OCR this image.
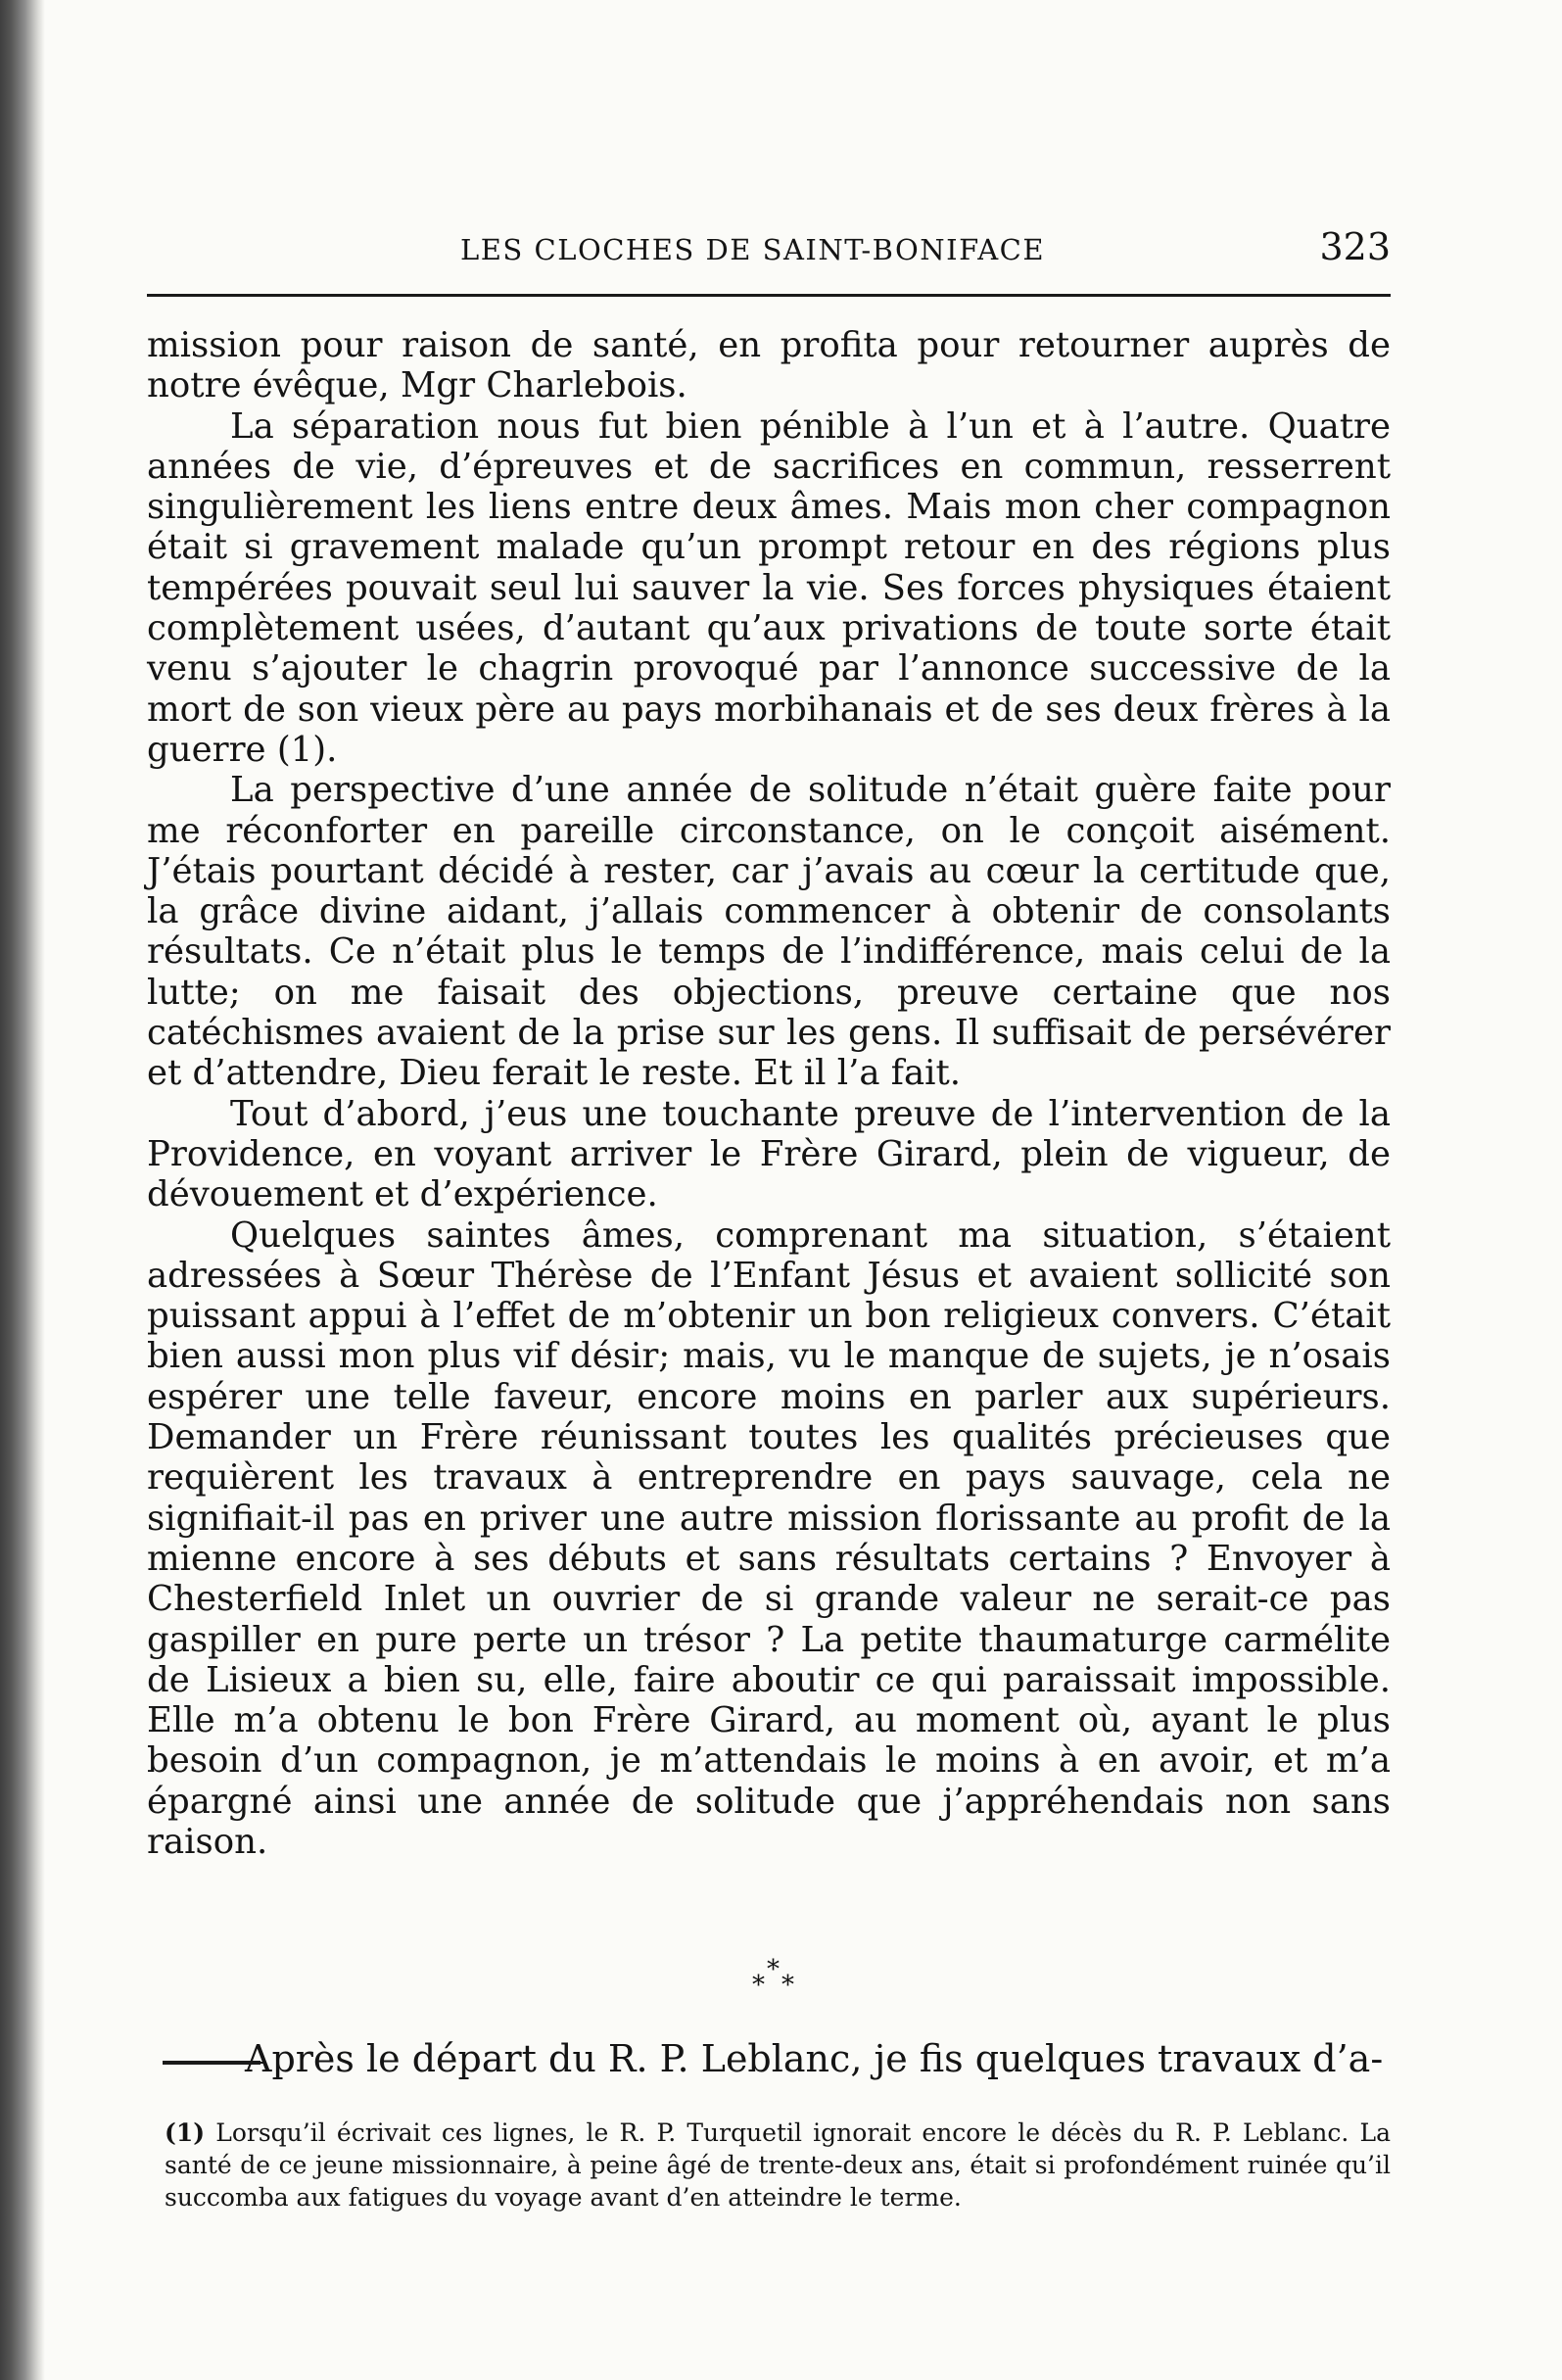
LES CLOCHES DE SAINT-BONIFACE	323

mission pour raison de santé, en profita pour retourner auprès de notre évêque, Mgr Charlebois.

La séparation nous fut bien pénible à l’un et à l’autre. Quatre années de vie, d’épreuves et de sacrifices en commun, resserrent singulièrement les liens entre deux âmes. Mais mon cher compagnon était si gravement malade qu’un prompt retour en des régions plus tempérées pouvait seul lui sauver la vie. Ses forces physiques étaient complètement usées, d’autant qu’aux privations de toute sorte était venu s’ajouter le chagrin provoqué par l’annonce successive de la mort de son vieux père au pays morbihanais et de ses deux frères à la guerre (1).

La perspective d’une année de solitude n’était guère faite pour me réconforter en pareille circonstance, on le conçoit aisément. J’étais pourtant décidé à rester, car j’avais au cœur la certitude que, la grâce divine aidant, j’allais commencer à obtenir de consolants résultats. Ce n’était plus le temps de l’indifférence, mais celui de la lutte; on me faisait des objections, preuve certaine que nos catéchismes avaient de la prise sur les gens. Il suffisait de persévérer et d’attendre, Dieu ferait le reste. Et il l’a fait.

Tout d’abord, j’eus une touchante preuve de l’intervention de la Providence, en voyant arriver le Frère Girard, plein de vigueur, de dévouement et d’expérience.

Quelques saintes âmes, comprenant ma situation, s’étaient adressées à Sœur Thérèse de l’Enfant Jésus et avaient sollicité son puissant appui à l’effet de m’obtenir un bon religieux convers. C’était bien aussi mon plus vif désir; mais, vu le manque de sujets, je n’osais espérer une telle faveur, encore moins en parler aux supérieurs. Demander un Frère réunissant toutes les qualités précieuses que requièrent les travaux à entreprendre en pays sauvage, cela ne signifiait-il pas en priver une autre mission florissante au profit de la mienne encore à ses débuts et sans résultats certains ? Envoyer à Chesterfield Inlet un ouvrier de si grande valeur ne serait-ce pas gaspiller en pure perte un trésor ? La petite thaumaturge carmélite de Lisieux a bien su, elle, faire aboutir ce qui paraissait impossible. Elle m’a obtenu le bon Frère Girard, au moment où, ayant le plus besoin d’un compagnon, je m’attendais le moins à en avoir, et m’a épargné ainsi une année de solitude que j’appréhendais non sans raison.

*
* *

Après le départ du R. P. Leblanc, je fis quelques travaux d’a-

(1) Lorsqu’il écrivait ces lignes, le R. P. Turquetil ignorait encore le décès du R. P. Leblanc. La santé de ce jeune missionnaire, à peine âgé de trente-deux ans, était si profondément ruinée qu’il succomba aux fatigues du voyage avant d’en atteindre le terme.
